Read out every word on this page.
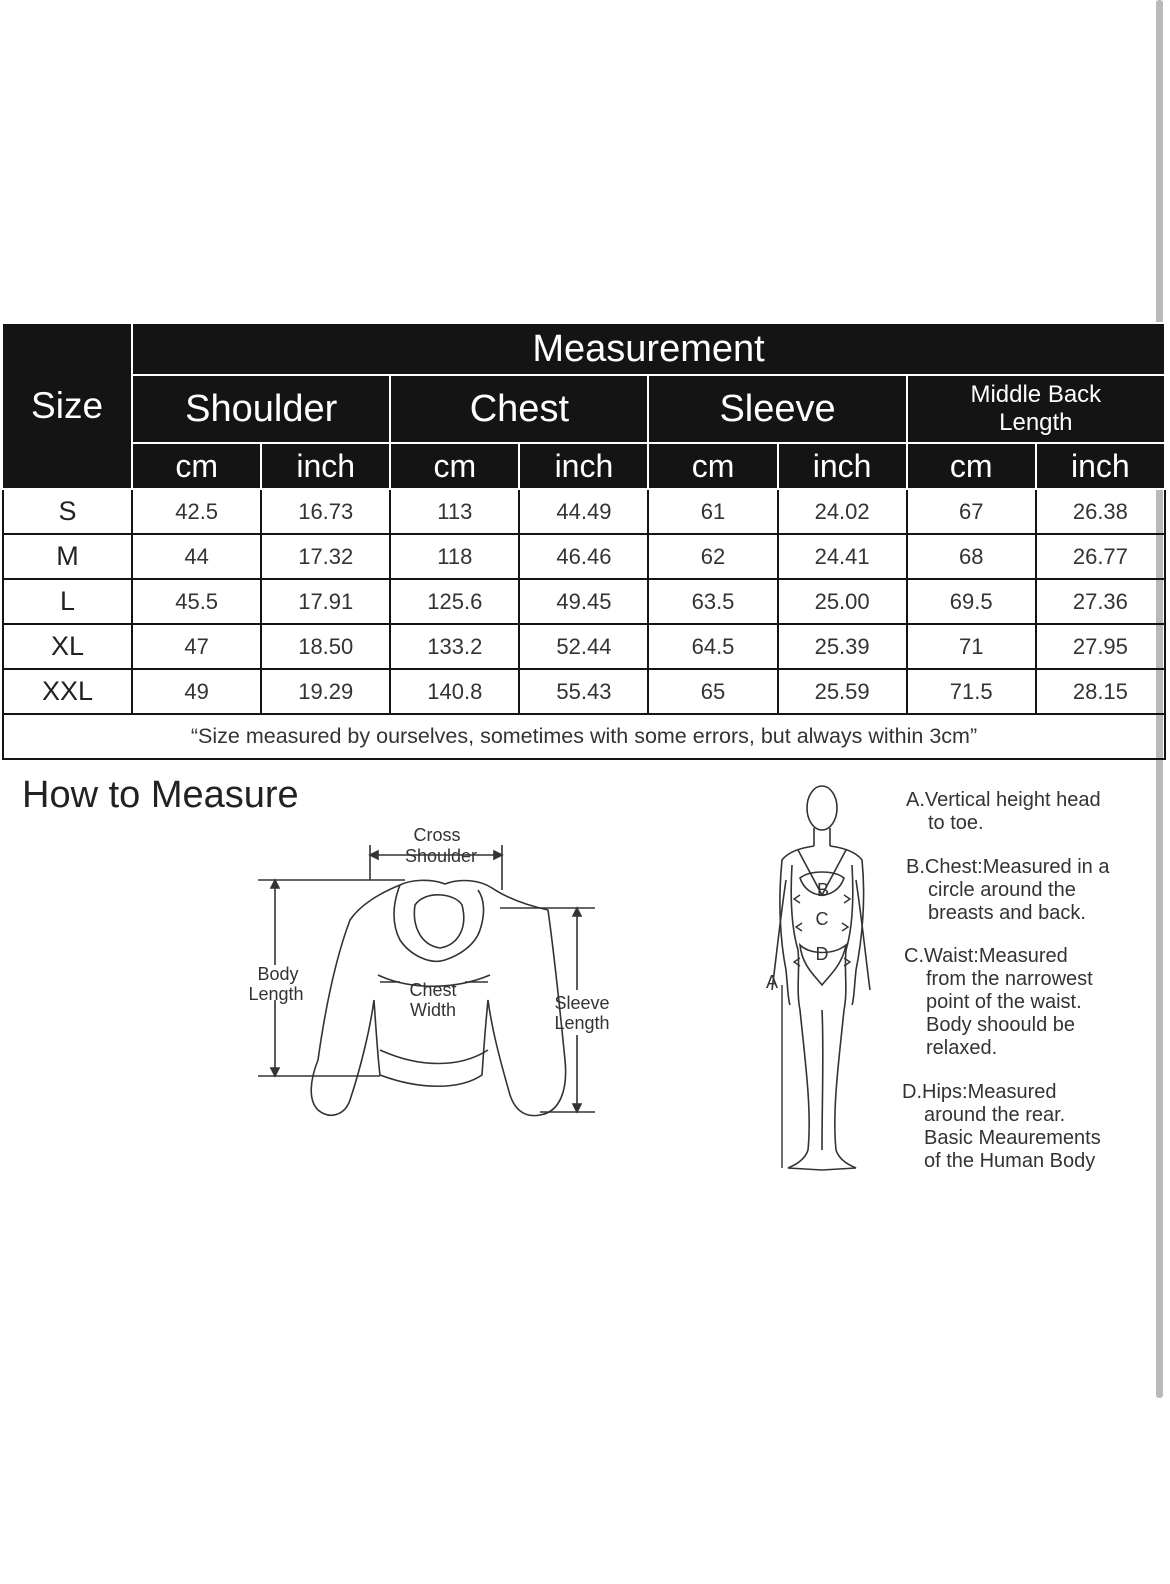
Size	Measurement							
	Shoulder		Chest		Sleeve		Middle Back Length	
	cm	inch	cm	inch	cm	inch	cm	inch
S	42.5	16.73	113	44.49	61	24.02	67	26.38
M	44	17.32	118	46.46	62	24.41	68	26.77
L	45.5	17.91	125.6	49.45	63.5	25.00	69.5	27.36
XL	47	18.50	133.2	52.44	64.5	25.39	71	27.95
XXL	49	19.29	140.8	55.43	65	25.59	71.5	28.15
“Size measured by ourselves, sometimes with some errors, but always within 3cm”								
How to Measure
Cross
Shoulder
Body
Length	Chest
Width	Sleeve
Length
B
C
D
A
A.Vertical height head
to toe.
B.Chest:Measured in a
circle around the
breasts and back.
C.Waist:Measured
from the narrowest
point of the waist.
Body shoould be
relaxed.
D.Hips:Measured
around the rear.
Basic Meaurements
of the Human Body
